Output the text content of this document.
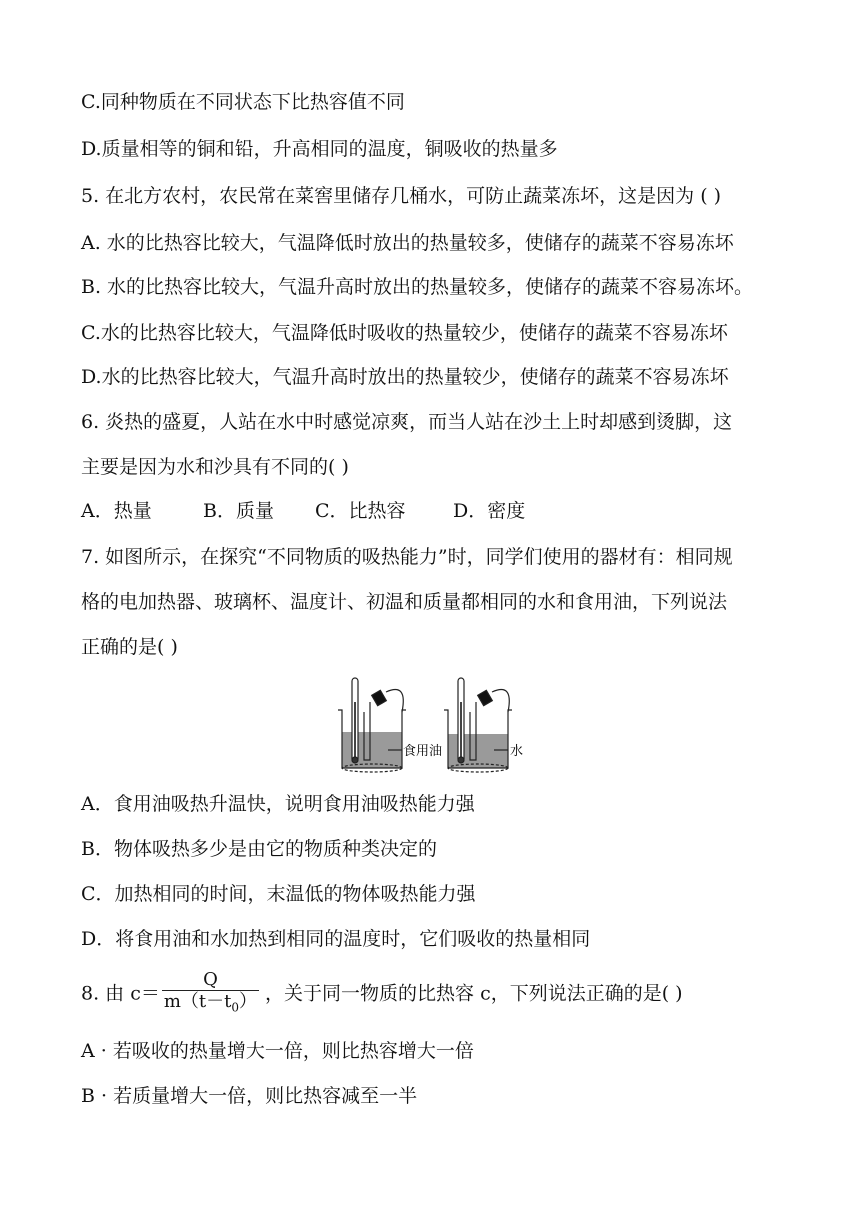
C.同种物质在不同状态下比热容值不同
D.质量相等的铜和铅，升高相同的温度，铜吸收的热量多
5. 在北方农村，农民常在菜窖里储存几桶水，可防止蔬菜冻坏，这是因为 ( )
A. 水的比热容比较大，气温降低时放出的热量较多，使储存的蔬菜不容易冻坏
B. 水的比热容比较大，气温升高时放出的热量较多，使储存的蔬菜不容易冻坏。
C.水的比热容比较大，气温降低时吸收的热量较少，使储存的蔬菜不容易冻坏
D.水的比热容比较大，气温升高时放出的热量较少，使储存的蔬菜不容易冻坏
6. 炎热的盛夏，人站在水中时感觉凉爽，而当人站在沙土上时却感到烫脚，这
主要是因为水和沙具有不同的( )
A．热量	B．质量 C．比热容 D．密度
7. 如图所示，在探究“不同物质的吸热能力”时，同学们使用的器材有：相同规
格的电加热器、玻璃杯、温度计、初温和质量都相同的水和食用油，下列说法
正确的是( )
食用油	水
A．食用油吸热升温快，说明食用油吸热能力强
B．物体吸热多少是由它的物质种类决定的
C．加热相同的时间，末温低的物体吸热能力强
D．将食用油和水加热到相同的温度时，它们吸收的热量相同
8. 由 $c= \frac{Q}{m(t-t_0)}$ ，关于同一物质的比热容 c，下列说法正确的是( )
A · 若吸收的热量增大一倍，则比热容增大一倍
B · 若质量增大一倍，则比热容减至一半
